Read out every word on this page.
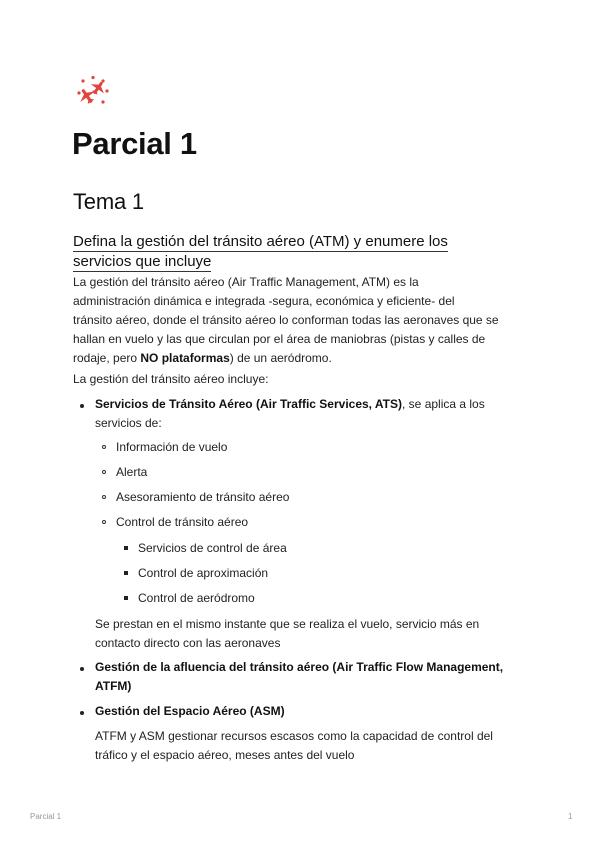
Parcial 1
Tema 1
Defina la gestión del tránsito aéreo (ATM) y enumere los servicios que incluye
La gestión del tránsito aéreo (Air Traffic Management, ATM) es la
administración dinámica e integrada -segura, económica y eficiente- del
tránsito aéreo, donde el tránsito aéreo lo conforman todas las aeronaves que se
hallan en vuelo y las que circulan por el área de maniobras (pistas y calles de
rodaje, pero NO plataformas) de un aeródromo.
La gestión del tránsito aéreo incluye:
Servicios de Tránsito Aéreo (Air Traffic Services, ATS), se aplica a los
servicios de:
Información de vuelo
Alerta
Asesoramiento de tránsito aéreo
Control de tránsito aéreo
Servicios de control de área
Control de aproximación
Control de aeródromo
Se prestan en el mismo instante que se realiza el vuelo, servicio más en
contacto directo con las aeronaves
Gestión de la afluencia del tránsito aéreo (Air Traffic Flow Management,
ATFM)
Gestión del Espacio Aéreo (ASM)
ATFM y ASM gestionar recursos escasos como la capacidad de control del
tráfico y el espacio aéreo, meses antes del vuelo
Parcial 1	1
